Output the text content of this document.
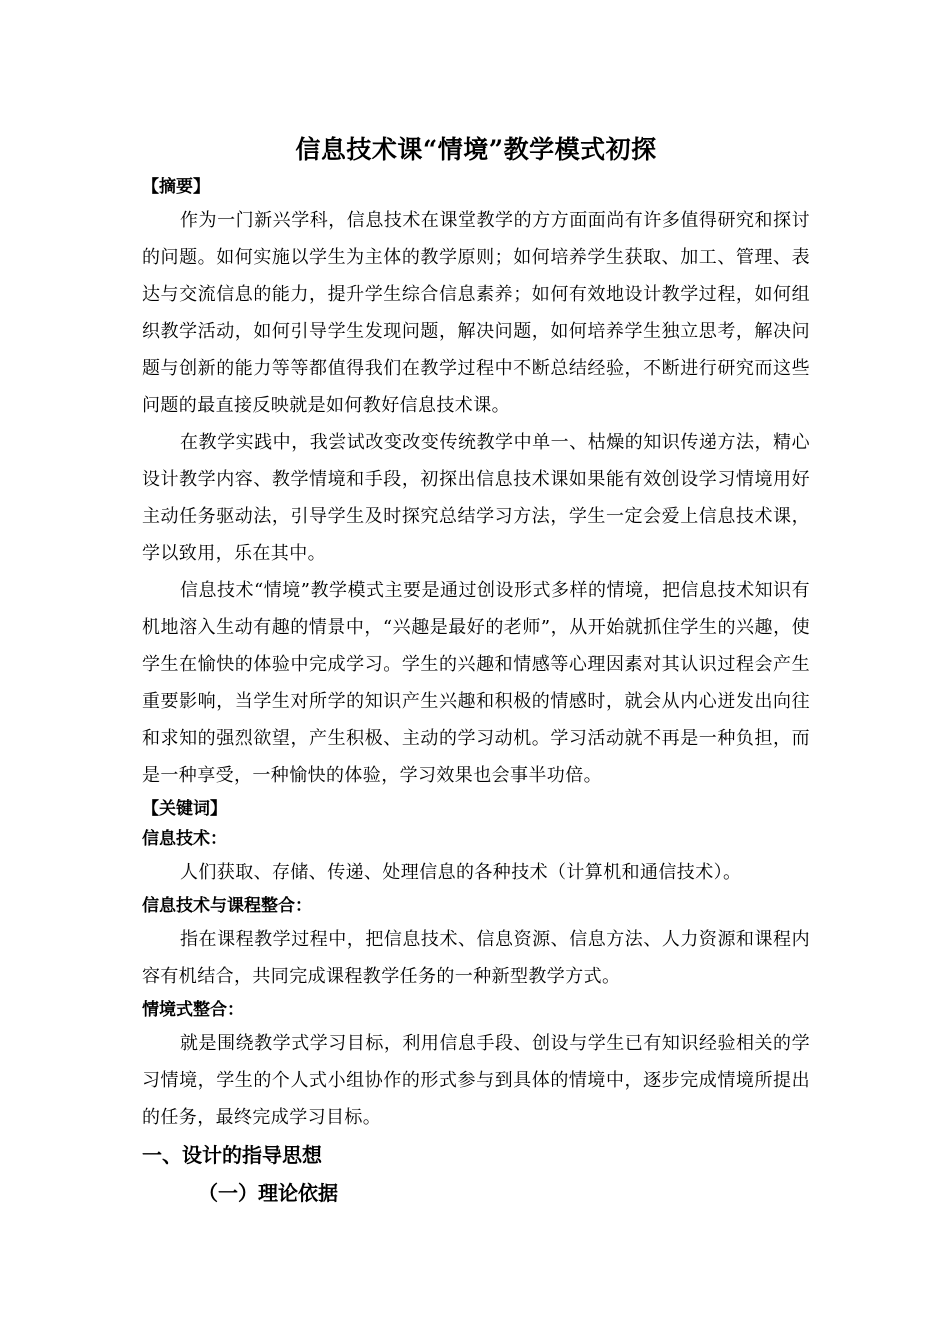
信息技术课“情境”教学模式初探

【摘要】

作为一门新兴学科，信息技术在课堂教学的方方面面尚有许多值得研究和探讨的问题。如何实施以学生为主体的教学原则；如何培养学生获取、加工、管理、表达与交流信息的能力，提升学生综合信息素养；如何有效地设计教学过程，如何组织教学活动，如何引导学生发现问题，解决问题，如何培养学生独立思考，解决问题与创新的能力等等都值得我们在教学过程中不断总结经验，不断进行研究而这些问题的最直接反映就是如何教好信息技术课。

在教学实践中，我尝试改变改变传统教学中单一、枯燥的知识传递方法，精心设计教学内容、教学情境和手段，初探出信息技术课如果能有效创设学习情境用好主动任务驱动法，引导学生及时探究总结学习方法，学生一定会爱上信息技术课，学以致用，乐在其中。

信息技术“情境”教学模式主要是通过创设形式多样的情境，把信息技术知识有机地溶入生动有趣的情景中，“兴趣是最好的老师”，从开始就抓住学生的兴趣，使学生在愉快的体验中完成学习。学生的兴趣和情感等心理因素对其认识过程会产生重要影响，当学生对所学的知识产生兴趣和积极的情感时，就会从内心迸发出向往和求知的强烈欲望，产生积极、主动的学习动机。学习活动就不再是一种负担，而是一种享受，一种愉快的体验，学习效果也会事半功倍。

【关键词】

信息技术：

人们获取、存储、传递、处理信息的各种技术（计算机和通信技术）。

信息技术与课程整合：

指在课程教学过程中，把信息技术、信息资源、信息方法、人力资源和课程内容有机结合，共同完成课程教学任务的一种新型教学方式。

情境式整合：

就是围绕教学式学习目标，利用信息手段、创设与学生已有知识经验相关的学习情境，学生的个人式小组协作的形式参与到具体的情境中，逐步完成情境所提出的任务，最终完成学习目标。

一、设计的指导思想
（一）理论依据
